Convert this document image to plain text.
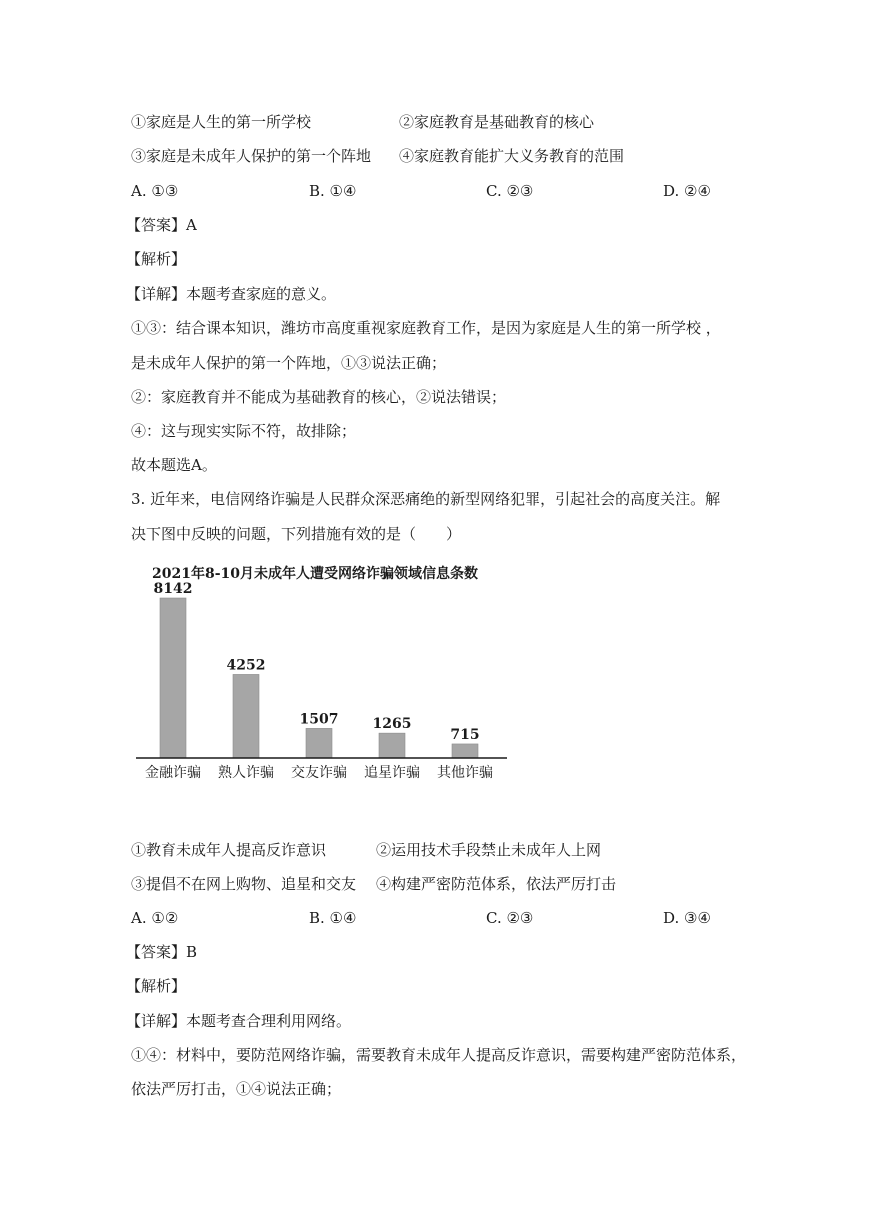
①家庭是人生的第一所学校	②家庭教育是基础教育的核心
③家庭是未成年人保护的第一个阵地 ④家庭教育能扩大义务教育的范围
A. ①③	B. ①④	C. ②③	D. ②④
【答案】A
【解析】
【详解】本题考查家庭的意义。
①③：结合课本知识，潍坊市高度重视家庭教育工作，是因为家庭是人生的第一所学校 ，
是未成年人保护的第一个阵地，①③说法正确；
②：家庭教育并不能成为基础教育的核心，②说法错误；
④：这与现实实际不符，故排除；
故本题选A。
3. 近年来，电信网络诈骗是人民群众深恶痛绝的新型网络犯罪，引起社会的高度关注。解
决下图中反映的问题，下列措施有效的是（　　）
2021年8-10月未成年人遭受网络诈骗领域信息条数
8142
金融诈骗
4252
熟人诈骗
1507
交友诈骗
1265
追星诈骗
715
其他诈骗
①教育未成年人提高反诈意识	②运用技术手段禁止未成年人上网
③提倡不在网上购物、追星和交友 ④构建严密防范体系，依法严厉打击
A. ①②	B. ①④	C. ②③	D. ③④
【答案】B
【解析】
【详解】本题考查合理利用网络。
①④：材料中，要防范网络诈骗，需要教育未成年人提高反诈意识，需要构建严密防范体系，
依法严厉打击，①④说法正确；
